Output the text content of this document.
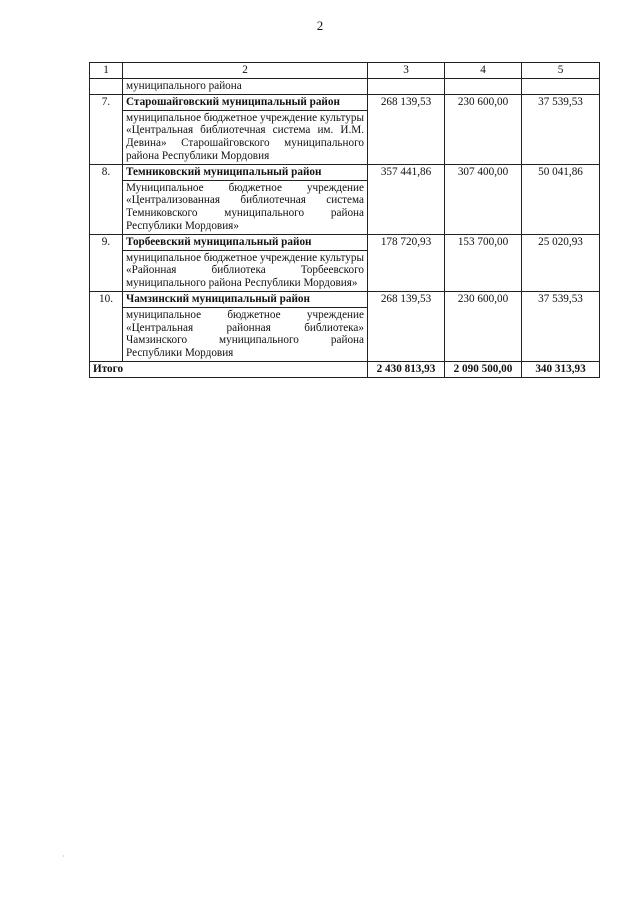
2
1	2	3	4	5
	муниципального района			
7.	Старошайговский муниципальный район	268 139,53	230 600,00	37 539,53
	муниципальное бюджетное учреждение культуры «Центральная библиотечная система им. И.М. Девина» Старошайговского муниципального района Республики Мордовия			
8.	Темниковский муниципальный район	357 441,86	307 400,00	50 041,86
	Муниципальное бюджетное учреждение «Централизованная библиотечная система Темниковского муниципального района Республики Мордовия»			
9.	Торбеевский муниципальный район	178 720,93	153 700,00	25 020,93
	муниципальное бюджетное учреждение культуры «Районная библиотека Торбеевского муниципального района Республики Мордовия»			
10.	Чамзинский муниципальный район	268 139,53	230 600,00	37 539,53
	муниципальное бюджетное учреждение «Центральная районная библиотека» Чамзинского муниципального района Республики Мордовия			
Итого		2 430 813,93	2 090 500,00	340 313,93
·
